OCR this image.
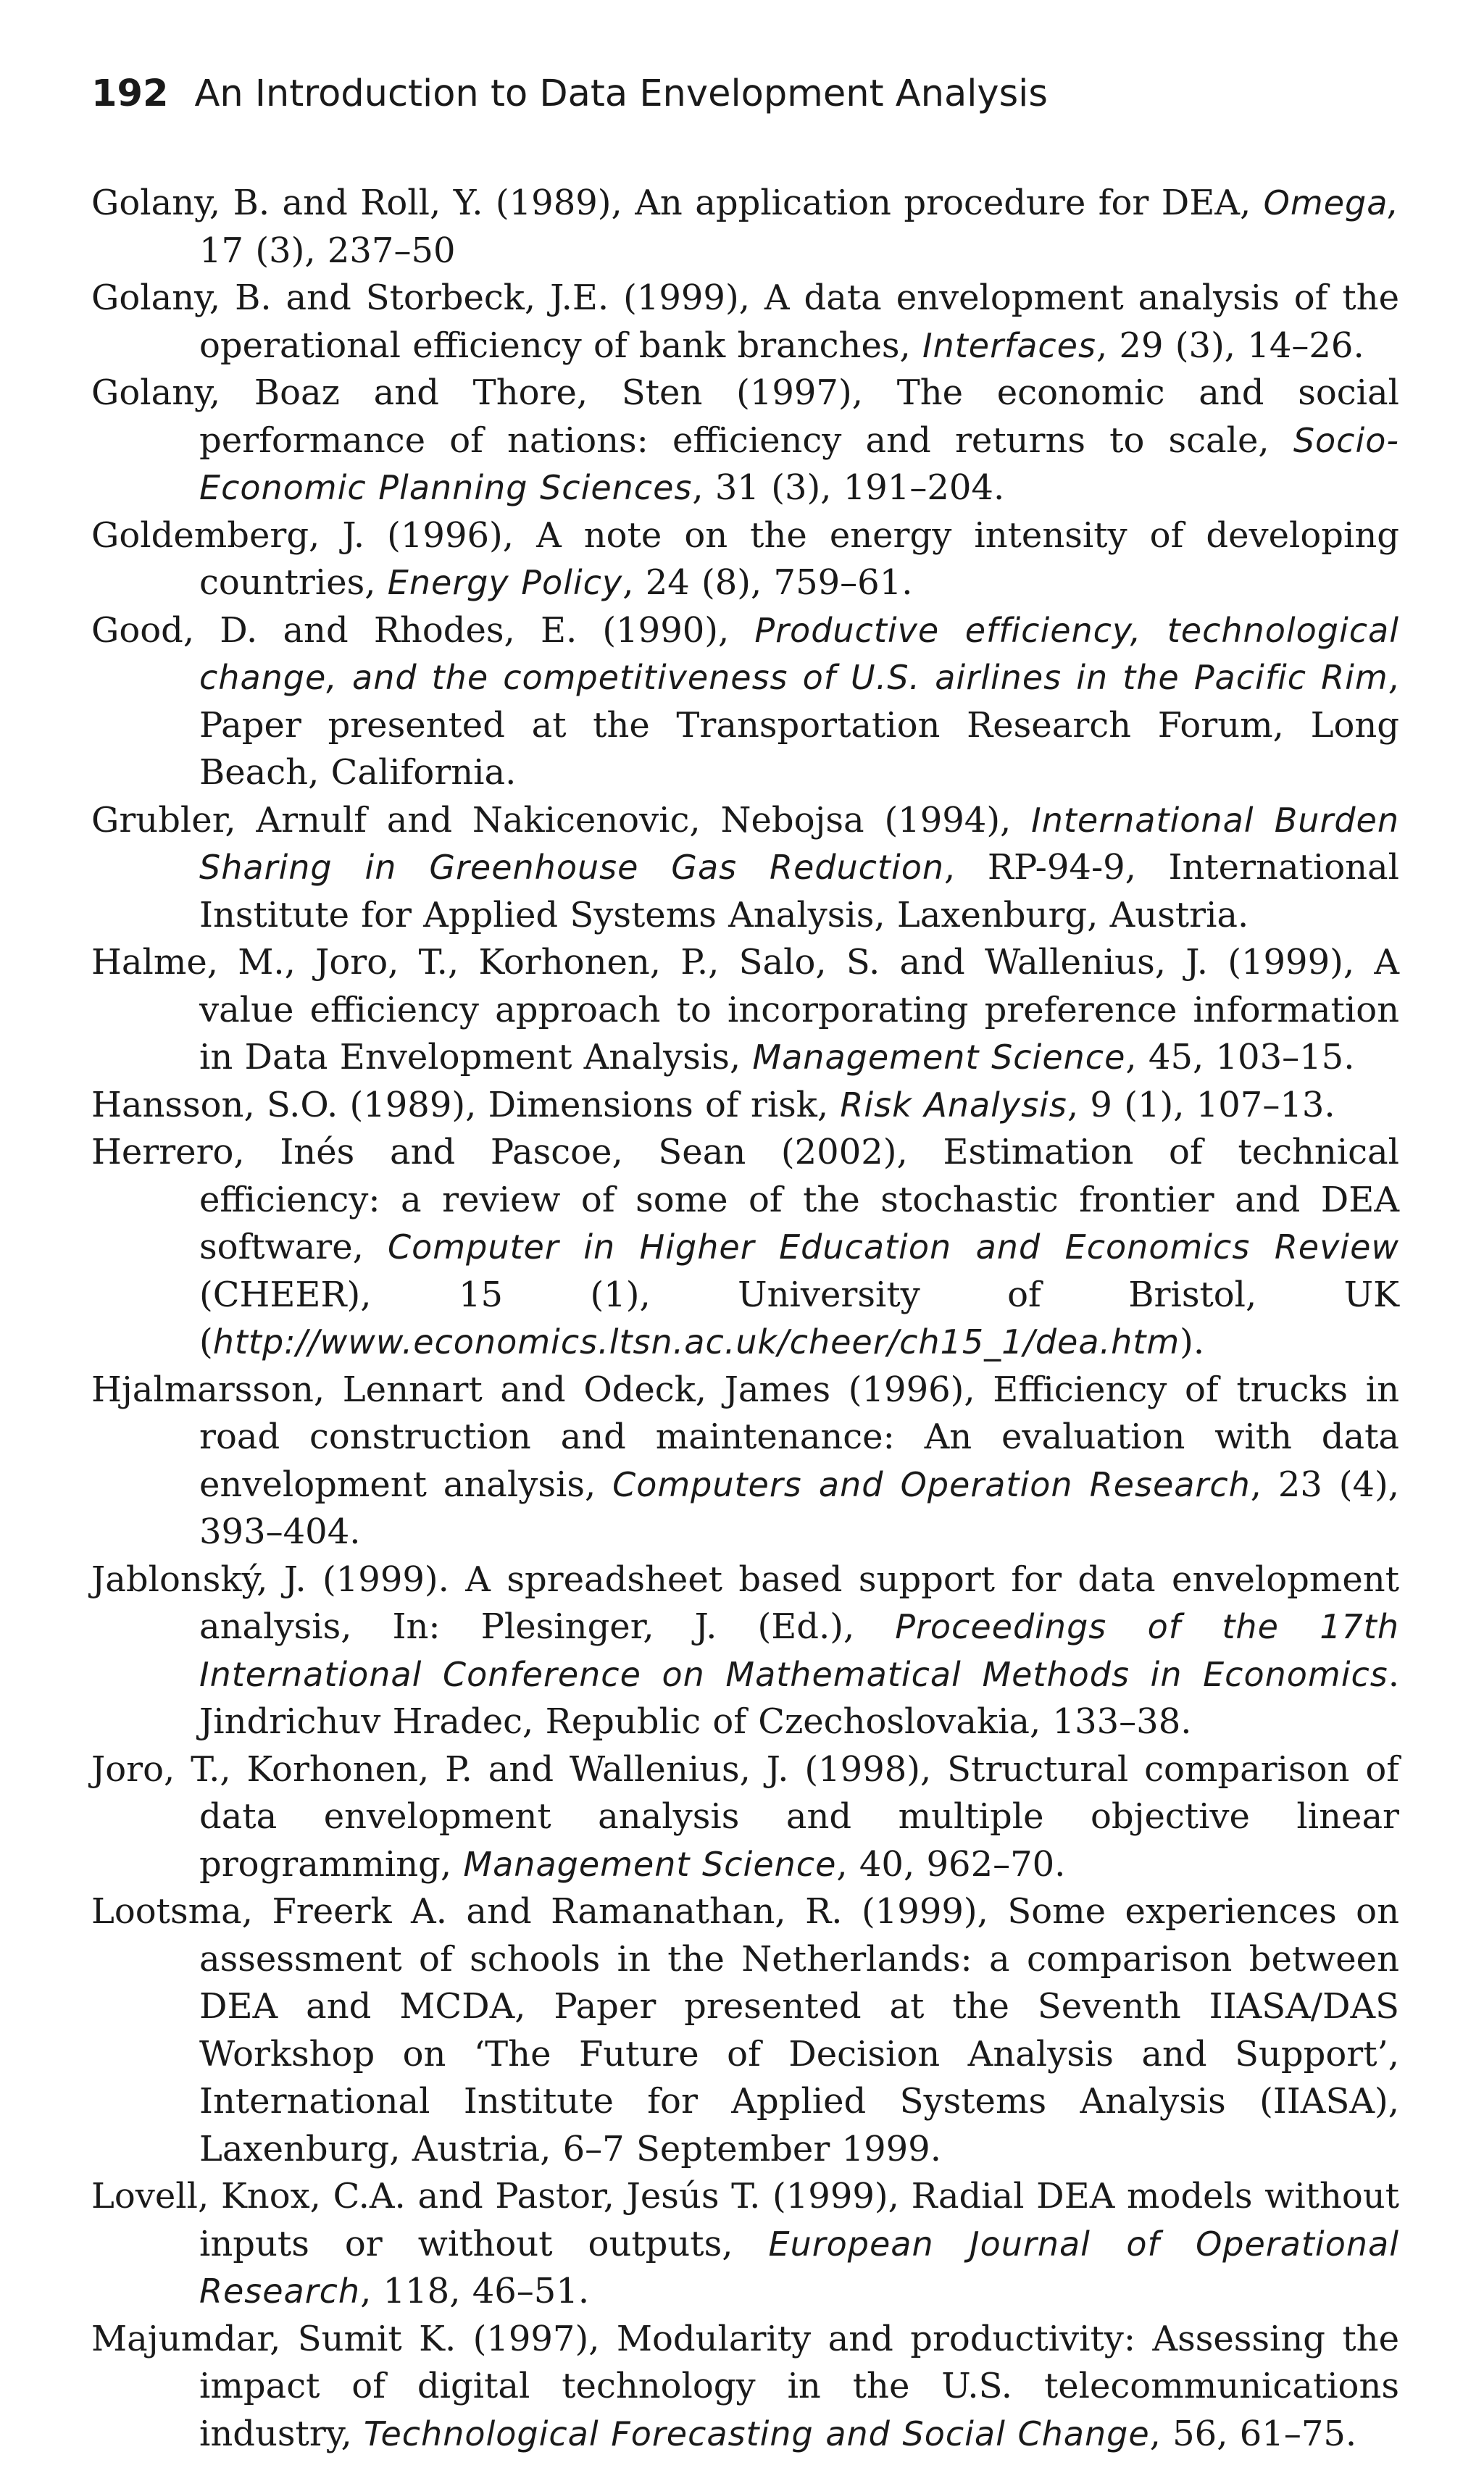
192 An Introduction to Data Envelopment Analysis

Golany, B. and Roll, Y. (1989), An application procedure for DEA, Omega, 17 (3), 237–50

Golany, B. and Storbeck, J.E. (1999), A data envelopment analysis of the operational efficiency of bank branches, Interfaces, 29 (3), 14–26.

Golany, Boaz and Thore, Sten (1997), The economic and social performance of nations: efficiency and returns to scale, Socio-Economic Planning Sciences, 31 (3), 191–204.

Goldemberg, J. (1996), A note on the energy intensity of developing countries, Energy Policy, 24 (8), 759–61.

Good, D. and Rhodes, E. (1990), Productive efficiency, technological change, and the competitiveness of U.S. airlines in the Pacific Rim, Paper presented at the Transportation Research Forum, Long Beach, California.

Grubler, Arnulf and Nakicenovic, Nebojsa (1994), International Burden Sharing in Greenhouse Gas Reduction, RP-94-9, International Institute for Applied Systems Analysis, Laxenburg, Austria.

Halme, M., Joro, T., Korhonen, P., Salo, S. and Wallenius, J. (1999), A value efficiency approach to incorporating preference information in Data Envelopment Analysis, Management Science, 45, 103–15.

Hansson, S.O. (1989), Dimensions of risk, Risk Analysis, 9 (1), 107–13.

Herrero, Inés and Pascoe, Sean (2002), Estimation of technical efficiency: a review of some of the stochastic frontier and DEA software, Computer in Higher Education and Economics Review (CHEER), 15 (1), University of Bristol, UK (http://www.economics.ltsn.ac.uk/cheer/ch15_1/dea.htm).

Hjalmarsson, Lennart and Odeck, James (1996), Efficiency of trucks in road construction and maintenance: An evaluation with data envelopment analysis, Computers and Operation Research, 23 (4), 393–404.

Jablonský, J. (1999). A spreadsheet based support for data envelopment analysis, In: Plesinger, J. (Ed.), Proceedings of the 17th International Conference on Mathematical Methods in Economics. Jindrichuv Hradec, Republic of Czechoslovakia, 133–38.

Joro, T., Korhonen, P. and Wallenius, J. (1998), Structural comparison of data envelopment analysis and multiple objective linear programming, Management Science, 40, 962–70.

Lootsma, Freerk A. and Ramanathan, R. (1999), Some experiences on assessment of schools in the Netherlands: a comparison between DEA and MCDA, Paper presented at the Seventh IIASA/DAS Workshop on ‘The Future of Decision Analysis and Support’, International Institute for Applied Systems Analysis (IIASA), Laxenburg, Austria, 6–7 September 1999.

Lovell, Knox, C.A. and Pastor, Jesús T. (1999), Radial DEA models without inputs or without outputs, European Journal of Operational Research, 118, 46–51.

Majumdar, Sumit K. (1997), Modularity and productivity: Assessing the impact of digital technology in the U.S. telecommunications industry, Technological Forecasting and Social Change, 56, 61–75.
